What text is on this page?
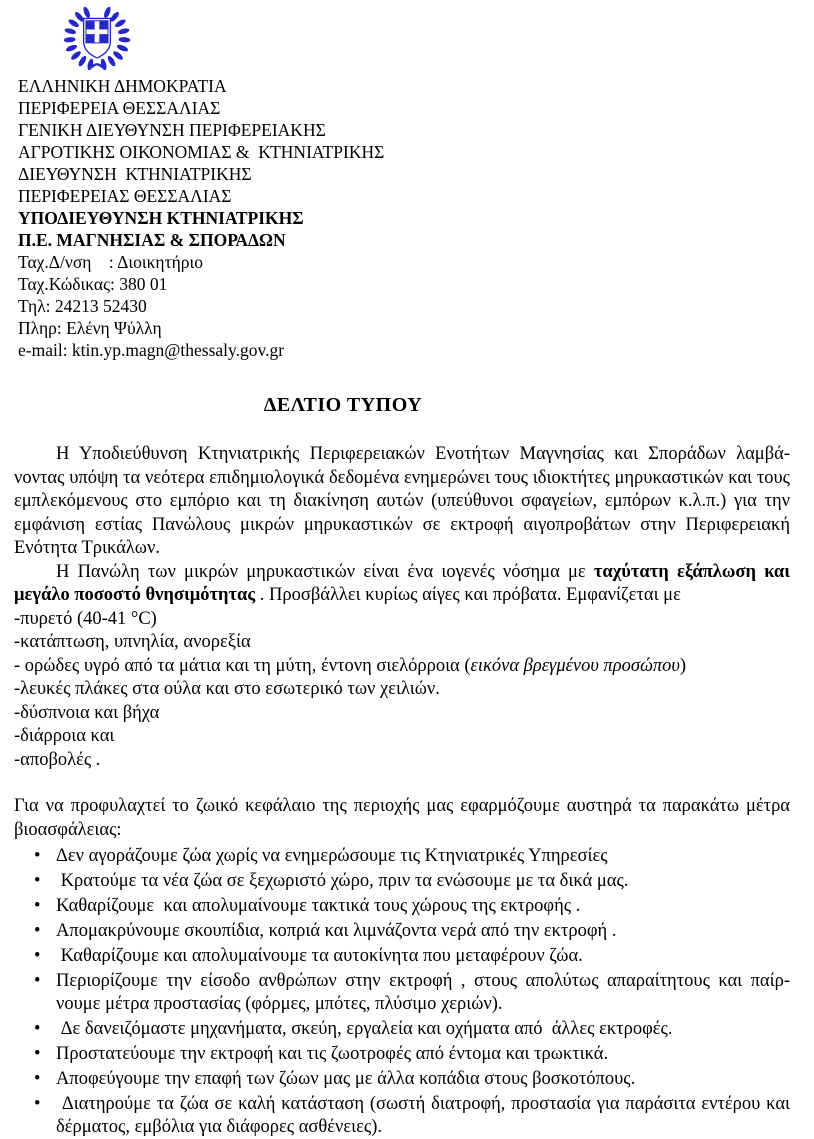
ΕΛΛΗΝΙΚΗ ΔΗΜΟΚΡΑΤΙΑ
ΠΕΡΙΦΕΡΕΙΑ ΘΕΣΣΑΛΙΑΣ
ΓΕΝΙΚΗ ΔΙΕΥΘΥΝΣΗ ΠΕΡΙΦΕΡΕΙΑΚΗΣ
ΑΓΡΟΤΙΚΗΣ ΟΙΚΟΝΟΜΙΑΣ &  ΚΤΗΝΙΑΤΡΙΚΗΣ
ΔΙΕΥΘΥΝΣΗ  ΚΤΗΝΙΑΤΡΙΚΗΣ
ΠΕΡΙΦΕΡΕΙΑΣ ΘΕΣΣΑΛΙΑΣ
ΥΠΟΔΙΕΥΘΥΝΣΗ ΚΤΗΝΙΑΤΡΙΚΗΣ
Π.Ε. ΜΑΓΝΗΣΙΑΣ & ΣΠΟΡΑΔΩΝ
Ταχ.Δ/νση    : Διοικητήριο
Ταχ.Κώδικας: 380 01
Τηλ: 24213 52430
Πληρ: Ελένη Ψύλλη
e-mail: ktin.yp.magn@thessaly.gov.gr
ΔΕΛΤΙΟ ΤΥΠΟΥ

Η Υποδιεύθυνση Κτηνιατρικής Περιφερειακών Ενοτήτων Μαγνησίας και Σποράδων λαμβά-νοντας υπόψη τα νεότερα επιδημιολογικά δεδομένα ενημερώνει τους ιδιοκτήτες μηρυκαστικών και τους εμπλεκόμενους στο εμπόριο και τη διακίνηση αυτών (υπεύθυνοι σφαγείων, εμπόρων κ.λ.π.) για την εμφάνιση εστίας Πανώλους μικρών μηρυκαστικών σε εκτροφή αιγοπροβάτων στην Περιφερειακή Ενότητα Τρικάλων.

Η Πανώλη των μικρών μηρυκαστικών είναι ένα ιογενές νόσημα με ταχύτατη εξάπλωση και μεγάλο ποσοστό θνησιμότητας . Προσβάλλει κυρίως αίγες και πρόβατα. Εμφανίζεται με

-πυρετό (40-41 °C)
-κατάπτωση, υπνηλία, ανορεξία
- ορώδες υγρό από τα μάτια και τη μύτη, έντονη σιελόρροια (εικόνα βρεγμένου προσώπου)
-λευκές πλάκες στα ούλα και στο εσωτερικό των χειλιών.
-δύσπνοια και βήχα
-διάρροια και
-αποβολές .

Για να προφυλαχτεί το ζωικό κεφάλαιο της περιοχής μας εφαρμόζουμε αυστηρά τα παρακάτω μέτρα βιοασφάλειας:

• Δεν αγοράζουμε ζώα χωρίς να ενημερώσουμε τις Κτηνιατρικές Υπηρεσίες
• Κρατούμε τα νέα ζώα σε ξεχωριστό χώρο, πριν τα ενώσουμε με τα δικά μας.
• Καθαρίζουμε  και απολυμαίνουμε τακτικά τους χώρους της εκτροφής .
• Απομακρύνουμε σκουπίδια, κοπριά και λιμνάζοντα νερά από την εκτροφή .
• Καθαρίζουμε και απολυμαίνουμε τα αυτοκίνητα που μεταφέρουν ζώα.
• Περιορίζουμε την είσοδο ανθρώπων στην εκτροφή , στους απολύτως απαραίτητους και παίρ-νουμε μέτρα προστασίας (φόρμες, μπότες, πλύσιμο χεριών).
• Δε δανειζόμαστε μηχανήματα, σκεύη, εργαλεία και οχήματα από  άλλες εκτροφές.
• Προστατεύουμε την εκτροφή και τις ζωοτροφές από έντομα και τρωκτικά.
• Αποφεύγουμε την επαφή των ζώων μας με άλλα κοπάδια στους βοσκοτόπους.
• Διατηρούμε τα ζώα σε καλή κατάσταση (σωστή διατροφή, προστασία για παράσιτα εντέρου και δέρματος, εμβόλια για διάφορες ασθένειες).
